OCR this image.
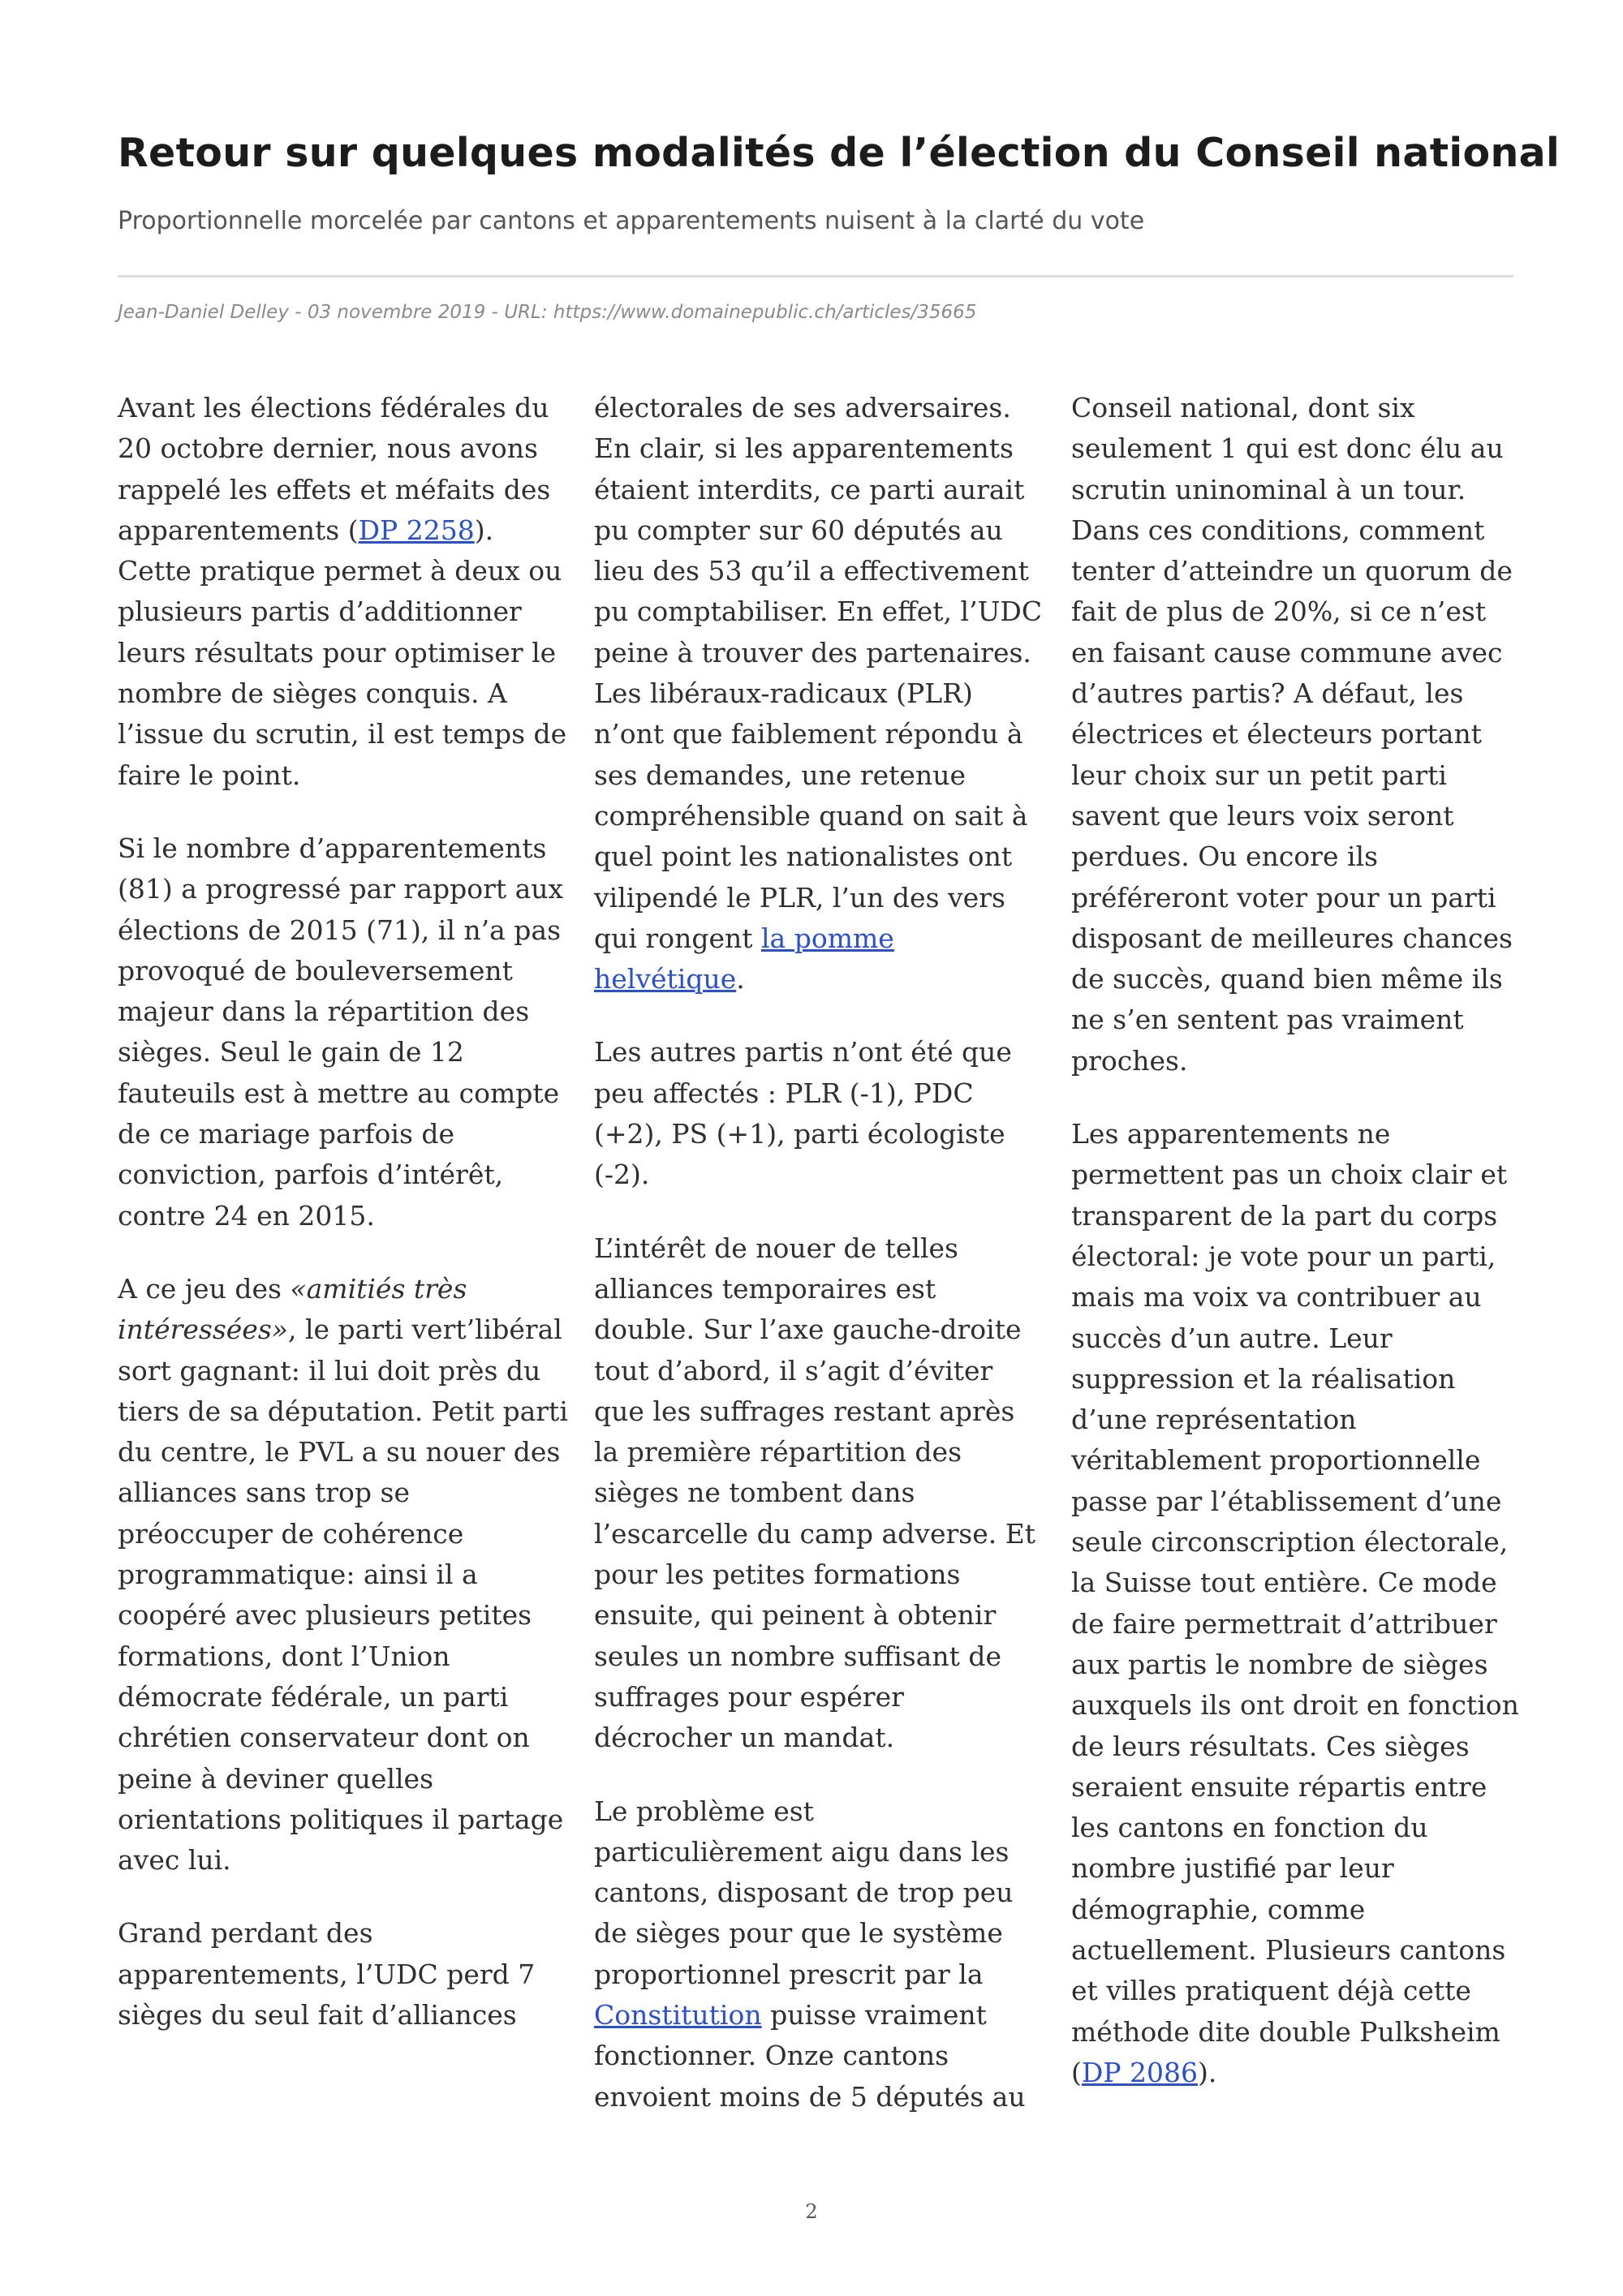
Retour sur quelques modalités de l’élection du Conseil national
Proportionnelle morcelée par cantons et apparentements nuisent à la clarté du vote
Jean-Daniel Delley - 03 novembre 2019 - URL: https://www.domainepublic.ch/articles/35665

Avant les élections fédérales du 20 octobre dernier, nous avons rappelé les effets et méfaits des apparentements (DP 2258). Cette pratique permet à deux ou plusieurs partis d’additionner leurs résultats pour optimiser le nombre de sièges conquis. A l’issue du scrutin, il est temps de faire le point.

Si le nombre d’apparentements (81) a progressé par rapport aux élections de 2015 (71), il n’a pas provoqué de bouleversement majeur dans la répartition des sièges. Seul le gain de 12 fauteuils est à mettre au compte de ce mariage parfois de conviction, parfois d’intérêt, contre 24 en 2015.

A ce jeu des «amitiés très intéressées», le parti vert’libéral sort gagnant: il lui doit près du tiers de sa députation. Petit parti du centre, le PVL a su nouer des alliances sans trop se préoccuper de cohérence programmatique: ainsi il a coopéré avec plusieurs petites formations, dont l’Union démocrate fédérale, un parti chrétien conservateur dont on peine à deviner quelles orientations politiques il partage avec lui.

Grand perdant des apparentements, l’UDC perd 7 sièges du seul fait d’alliances

électorales de ses adversaires. En clair, si les apparentements étaient interdits, ce parti aurait pu compter sur 60 députés au lieu des 53 qu’il a effectivement pu comptabiliser. En effet, l’UDC peine à trouver des partenaires. Les libéraux-radicaux (PLR) n’ont que faiblement répondu à ses demandes, une retenue compréhensible quand on sait à quel point les nationalistes ont vilipendé le PLR, l’un des vers qui rongent la pomme helvétique.

Les autres partis n’ont été que peu affectés : PLR (-1), PDC (+2), PS (+1), parti écologiste (-2).

L’intérêt de nouer de telles alliances temporaires est double. Sur l’axe gauche-droite tout d’abord, il s’agit d’éviter que les suffrages restant après la première répartition des sièges ne tombent dans l’escarcelle du camp adverse. Et pour les petites formations ensuite, qui peinent à obtenir seules un nombre suffisant de suffrages pour espérer décrocher un mandat.

Le problème est particulièrement aigu dans les cantons, disposant de trop peu de sièges pour que le système proportionnel prescrit par la Constitution puisse vraiment fonctionner. Onze cantons envoient moins de 5 députés au

Conseil national, dont six seulement 1 qui est donc élu au scrutin uninominal à un tour. Dans ces conditions, comment tenter d’atteindre un quorum de fait de plus de 20%, si ce n’est en faisant cause commune avec d’autres partis? A défaut, les électrices et électeurs portant leur choix sur un petit parti savent que leurs voix seront perdues. Ou encore ils préféreront voter pour un parti disposant de meilleures chances de succès, quand bien même ils ne s’en sentent pas vraiment proches.

Les apparentements ne permettent pas un choix clair et transparent de la part du corps électoral: je vote pour un parti, mais ma voix va contribuer au succès d’un autre. Leur suppression et la réalisation d’une représentation véritablement proportionnelle passe par l’établissement d’une seule circonscription électorale, la Suisse tout entière. Ce mode de faire permettrait d’attribuer aux partis le nombre de sièges auxquels ils ont droit en fonction de leurs résultats. Ces sièges seraient ensuite répartis entre les cantons en fonction du nombre justifié par leur démographie, comme actuellement. Plusieurs cantons et villes pratiquent déjà cette méthode dite double Pulksheim (DP 2086).

2
